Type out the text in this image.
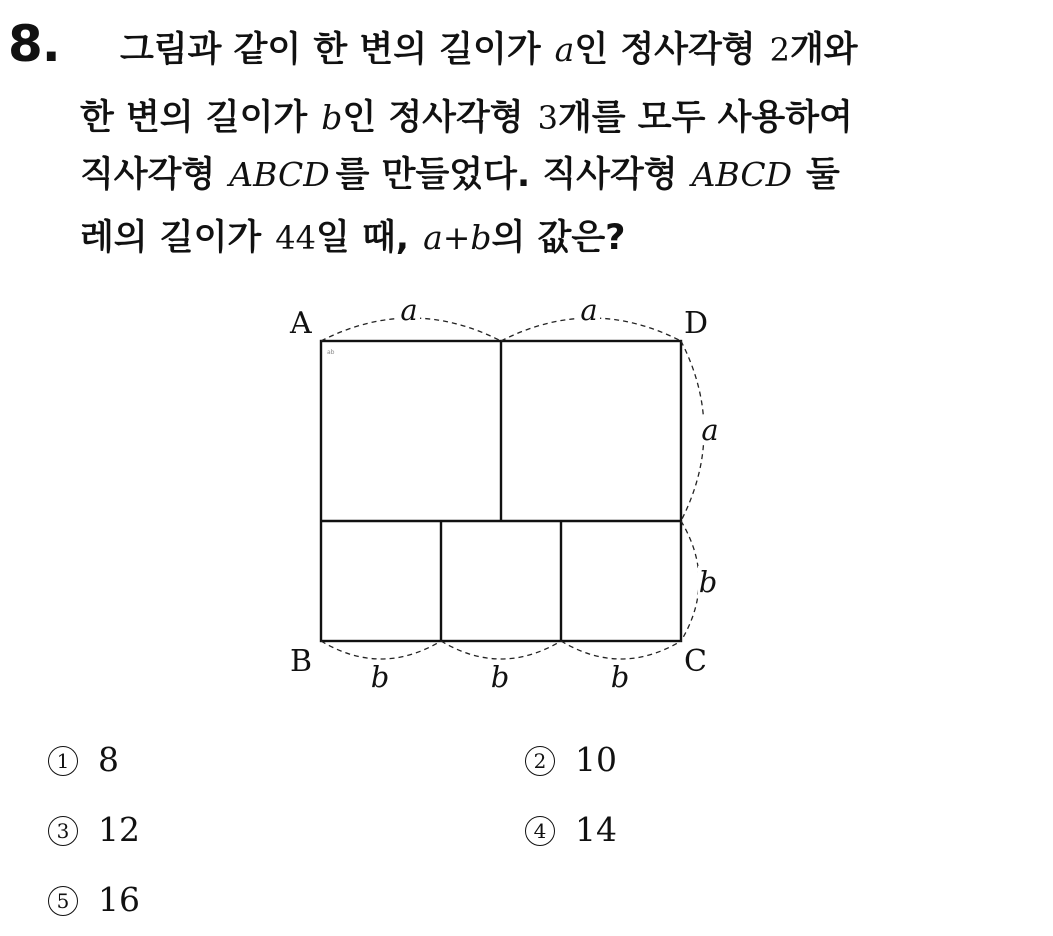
8. 그림과 같이 한 변의 길이가 a인 정사각형 2개와
한 변의 길이가 b인 정사각형 3개를 모두 사용하여
직사각형 ABCD 를 만들었다. 직사각형 ABCD 둘
레의 길이가 44일 때, a+b의 값은?
A	D
B	C
a	a
a
b
b	b	b
ab
1 8	2 10
3 12	4 14
5 16
